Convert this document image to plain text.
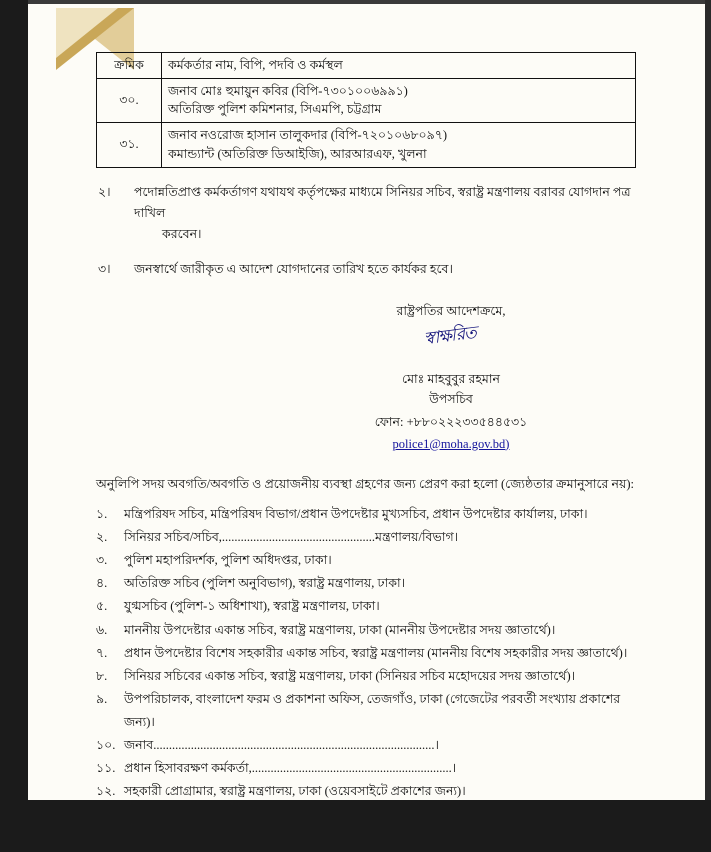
ক্রমিক	কর্মকর্তার নাম, বিপি, পদবি ও কর্মস্থল
৩০.	জনাব মোঃ হুমায়ুন কবির (বিপি-৭৩০১০০৬৯৯১)
অতিরিক্ত পুলিশ কমিশনার, সিএমপি, চট্টগ্রাম

৩১.	জনাব নওরোজ হাসান তালুকদার (বিপি-৭২০১০৬৮০৯৭)
কমান্ড্যান্ট (অতিরিক্ত ডিআইজি), আরআরএফ, খুলনা
২।	পদোন্নতিপ্রাপ্ত কর্মকর্তাগণ যথাযথ কর্তৃপক্ষের মাধ্যমে সিনিয়র সচিব, স্বরাষ্ট্র মন্ত্রণালয় বরাবর যোগদান পত্র দাখিল
করবেন।
৩।	জনস্বার্থে জারীকৃত এ আদেশ যোগদানের তারিখ হতে কার্যকর হবে।
রাষ্ট্রপতির আদেশক্রমে,
স্বাক্ষরিত
মোঃ মাহবুবুর রহমান
উপসচিব
ফোন: +৮৮০২২২৩৩৫৪৪৫৩১
police1@moha.gov.bd)
অনুলিপি সদয় অবগতি/অবগতি ও প্রয়োজনীয় ব্যবস্থা গ্রহণের জন্য প্রেরণ করা হলো (জ্যেষ্ঠতার ক্রমানুসারে নয়):
১.	মন্ত্রিপরিষদ সচিব, মন্ত্রিপরিষদ বিভাগ/প্রধান উপদেষ্টার মুখ্যসচিব, প্রধান উপদেষ্টার কার্যালয়, ঢাকা।
২.	সিনিয়র সচিব/সচিব,.................................................মন্ত্রণালয়/বিভাগ।
৩.	পুলিশ মহাপরিদর্শক, পুলিশ অধিদপ্তর, ঢাকা।
৪.	অতিরিক্ত সচিব (পুলিশ অনুবিভাগ), স্বরাষ্ট্র মন্ত্রণালয়, ঢাকা।
৫.	যুগ্মসচিব (পুলিশ-১ অধিশাখা), স্বরাষ্ট্র মন্ত্রণালয়, ঢাকা।
৬.	মাননীয় উপদেষ্টার একান্ত সচিব, স্বরাষ্ট্র মন্ত্রণালয়, ঢাকা (মাননীয় উপদেষ্টার সদয় জ্ঞাতার্থে)।
৭.	প্রধান উপদেষ্টার বিশেষ সহকারীর একান্ত সচিব, স্বরাষ্ট্র মন্ত্রণালয় (মাননীয় বিশেষ সহকারীর সদয় জ্ঞাতার্থে)।
৮.	সিনিয়র সচিবের একান্ত সচিব, স্বরাষ্ট্র মন্ত্রণালয়, ঢাকা (সিনিয়র সচিব মহোদয়ের সদয় জ্ঞাতার্থে)।
৯.	উপপরিচালক, বাংলাদেশ ফরম ও প্রকাশনা অফিস, তেজগাঁও, ঢাকা (গেজেটের পরবর্তী সংখ্যায় প্রকাশের জন্য)।
১০. জনাব..........................................................................................।
১১. প্রধান হিসাবরক্ষণ কর্মকর্তা,................................................................।
১২. সহকারী প্রোগ্রামার, স্বরাষ্ট্র মন্ত্রণালয়, ঢাকা (ওয়েবসাইটে প্রকাশের জন্য)।
